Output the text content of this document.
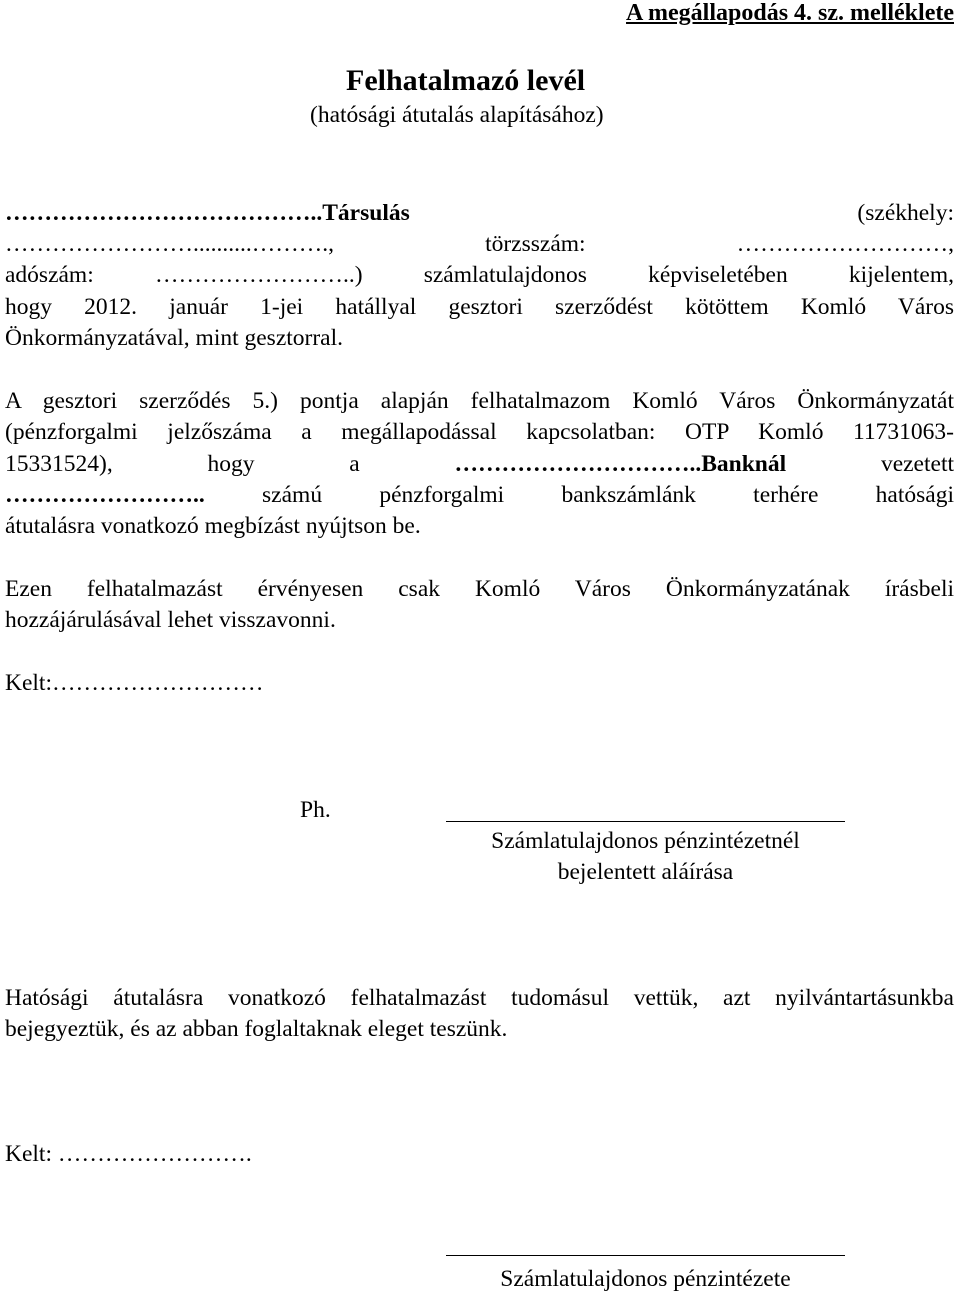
A megállapodás 4. sz. melléklete
Felhatalmazó levél
(hatósági átutalás alapításához)
…………………………………..Társulás	(székhely:
……………………..........………., törzsszám:	………………………,
adószám:	……………………..) számlatulajdonos képviseletében kijelentem,
hogy 2012. január 1-jei hatállyal gesztori szerződést kötöttem Komló Város
Önkormányzatával, mint gesztorral.
A gesztori szerződés 5.) pontja alapján felhatalmazom Komló Város Önkormányzatát
(pénzforgalmi jelzőszáma a megállapodással kapcsolatban: OTP Komló 11731063-
15331524),	hogy	a	…………………………..Banknál	vezetett
…………………….. számú pénzforgalmi bankszámlánk terhére hatósági
átutalásra vonatkozó megbízást nyújtson be.
Ezen felhatalmazást érvényesen csak Komló Város Önkormányzatának írásbeli
hozzájárulásával lehet visszavonni.
Kelt:………………………
Ph.
Számlatulajdonos pénzintézetnél
bejelentett aláírása
Hatósági átutalásra vonatkozó felhatalmazást tudomásul vettük, azt nyilvántartásunkba
bejegyeztük, és az abban foglaltaknak eleget teszünk.
Kelt: …………………….
Számlatulajdonos pénzintézete
